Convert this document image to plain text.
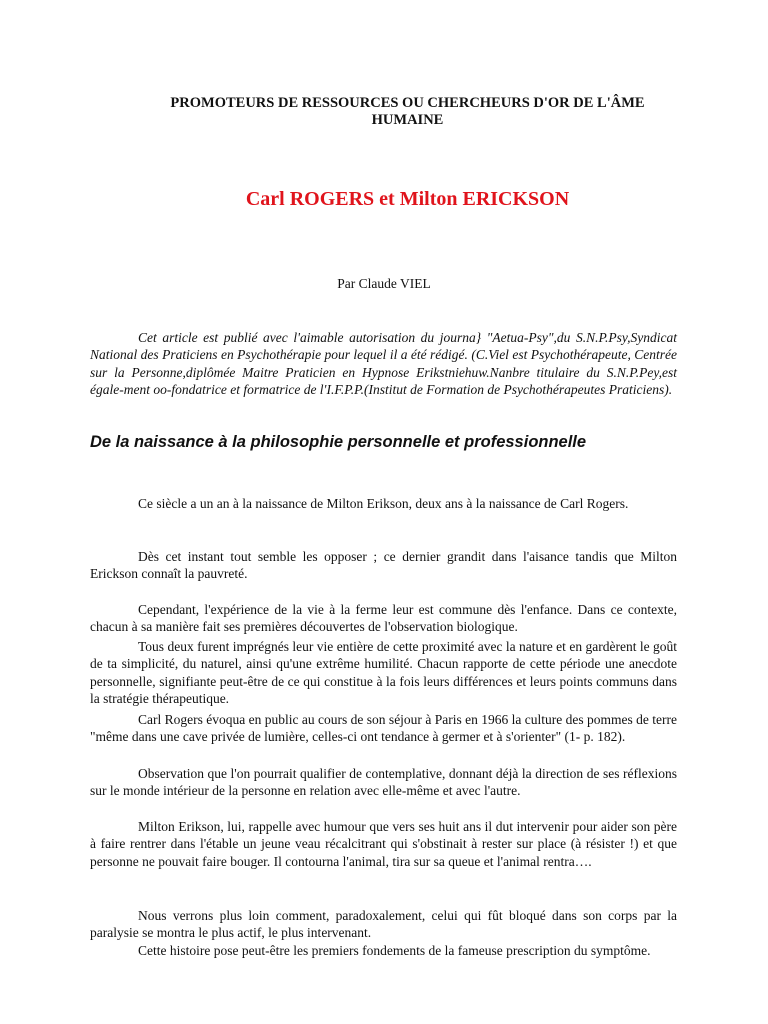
PROMOTEURS DE RESSOURCES OU CHERCHEURS D'OR DE L'ÂME HUMAINE
Carl ROGERS et Milton ERICKSON
Par Claude VIEL
Cet article est publié avec l'aimable autorisation du journa} "Aetua-Psy",du S.N.P.Psy,Syndicat National des Praticiens en Psychothérapie pour lequel il a été rédigé. (C.Viel est Psychothérapeute, Centrée sur la Personne,diplômée Maitre Praticien en Hypnose Erikstniehuw.Nanbre titulaire du S.N.P.Pey,est égale-ment oo-fondatrice et formatrice de l'I.F.P.P.(Institut de Formation de Psychothérapeutes Praticiens).
De la naissance à la philosophie personnelle et professionnelle

Ce siècle a un an à la naissance de Milton Erikson, deux ans à la naissance de Carl Rogers.

Dès cet instant tout semble les opposer ; ce dernier grandit dans l'aisance tandis que Milton Erickson connaît la pauvreté.

Cependant, l'expérience de la vie à la ferme leur est commune dès l'enfance. Dans ce contexte, chacun à sa manière fait ses premières découvertes de l'observation biologique.

Tous deux furent imprégnés leur vie entière de cette proximité avec la nature et en gardèrent le goût de ta simplicité, du naturel, ainsi qu'une extrême humilité. Chacun rapporte de cette période une anecdote personnelle, signifiante peut-être de ce qui constitue à la fois leurs différences et leurs points communs dans la stratégie thérapeutique.

Carl Rogers évoqua en public au cours de son séjour à Paris en 1966 la culture des pommes de terre "même dans une cave privée de lumière, celles-ci ont tendance à germer et à s'orienter" (1- p. 182).

Observation que l'on pourrait qualifier de contemplative, donnant déjà la direction de ses réflexions sur le monde intérieur de la personne en relation avec elle-même et avec l'autre.

Milton Erikson, lui, rappelle avec humour que vers ses huit ans il dut intervenir pour aider son père à faire rentrer dans l'étable un jeune veau récalcitrant qui s'obstinait à rester sur place (à résister !) et que personne ne pouvait faire bouger. Il contourna l'animal, tira sur sa queue et l'animal rentra….

Nous verrons plus loin comment, paradoxalement, celui qui fût bloqué dans son corps par la paralysie se montra le plus actif, le plus intervenant.

Cette histoire pose peut-être les premiers fondements de la fameuse prescription du symptôme.
